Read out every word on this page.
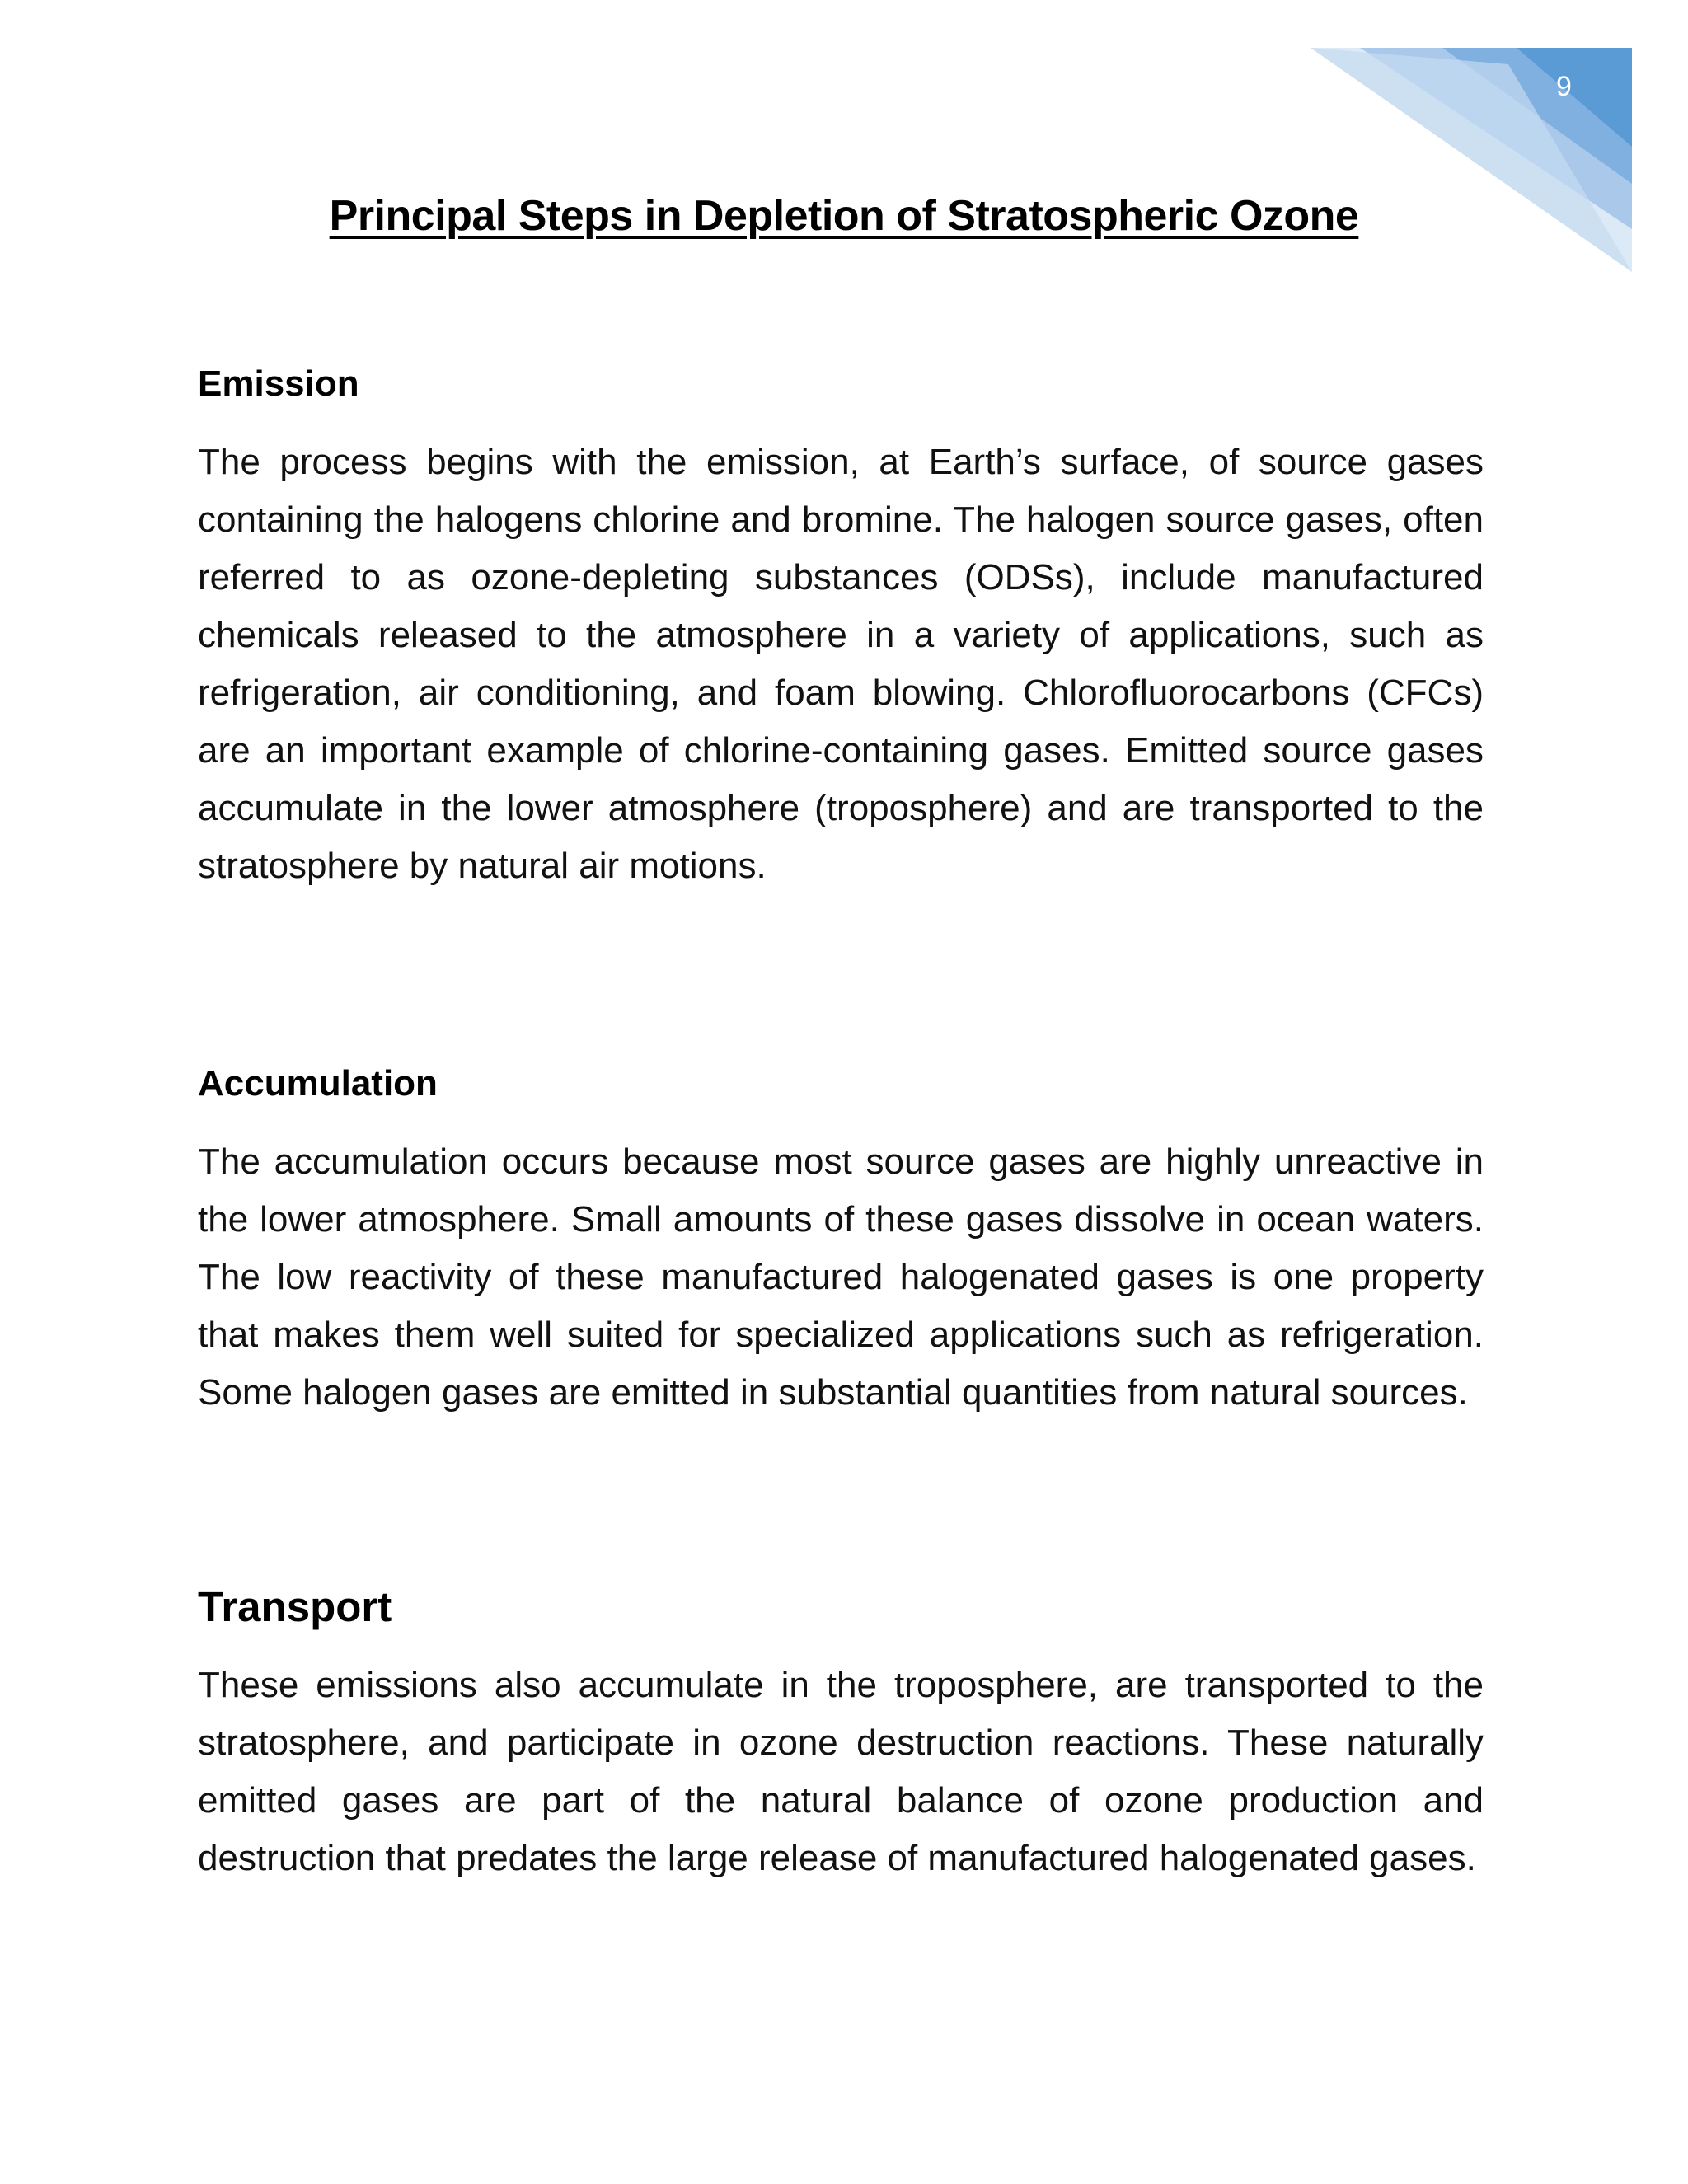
9
Principal Steps in Depletion of Stratospheric Ozone
Emission

The process begins with the emission, at Earth’s surface, of source gases containing the halogens chlorine and bromine. The halogen source gases, often referred to as ozone-depleting substances (ODSs), include manufactured chemicals released to the atmosphere in a variety of applications, such as refrigeration, air conditioning, and foam blowing. Chlorofluorocarbons (CFCs) are an important example of chlorine-containing gases. Emitted source gases accumulate in the lower atmosphere (troposphere) and are transported to the stratosphere by natural air motions.

Accumulation

The accumulation occurs because most source gases are highly unreactive in the lower atmosphere. Small amounts of these gases dissolve in ocean waters. The low reactivity of these manufactured halogenated gases is one property that makes them well suited for specialized applications such as refrigeration. Some halogen gases are emitted in substantial quantities from natural sources.

Transport

These emissions also accumulate in the troposphere, are transported to the stratosphere, and participate in ozone destruction reactions. These naturally emitted gases are part of the natural balance of ozone production and destruction that predates the large release of manufactured halogenated gases.
